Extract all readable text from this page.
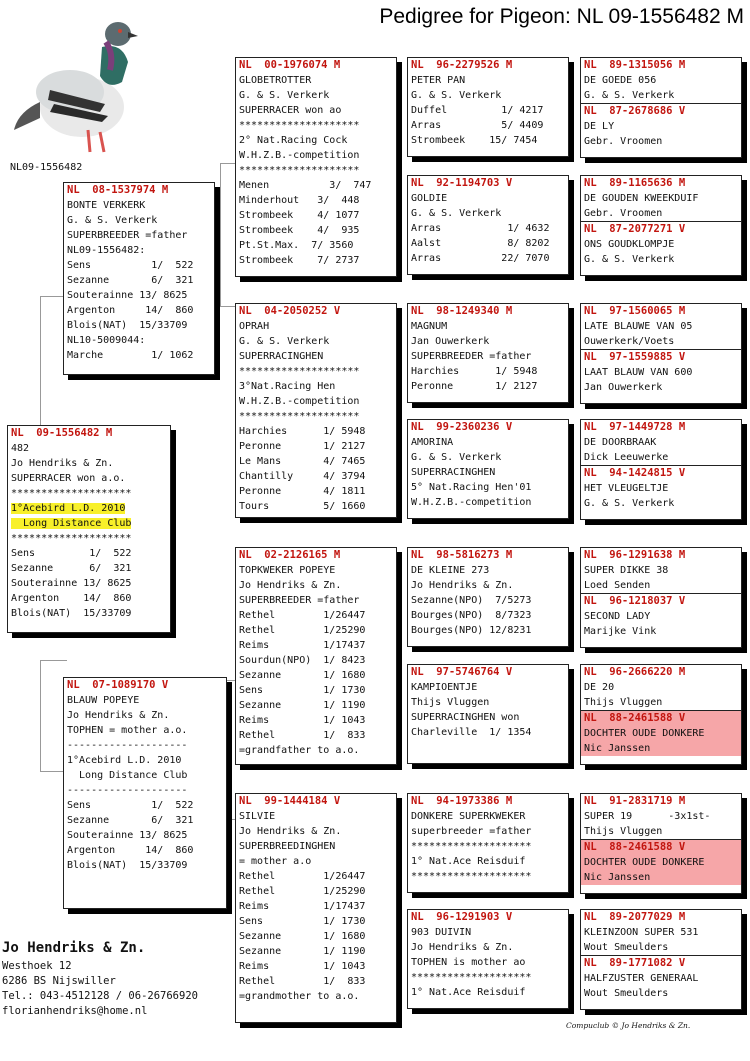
Pedigree for Pigeon: NL 09-1556482 M
NL09-1556482
NL  09-1556482 M
482
Jo Hendriks & Zn.
SUPERRACER won a.o.
********************
1°Acebird L.D. 2010
Long Distance Club
********************
Sens         1/  522
Sezanne      6/  321
Souterainne 13/ 8625
Argenton    14/  860
Blois(NAT)  15/33709
NL  08-1537974 M
BONTE VERKERK
G. & S. Verkerk
SUPERBREEDER =father
NL09-1556482:
Sens          1/  522
Sezanne       6/  321
Souterainne 13/ 8625
Argenton     14/  860
Blois(NAT)  15/33709
NL10-5009044:
Marche        1/ 1062
NL  07-1089170 V
BLAUW POPEYE
Jo Hendriks & Zn.
TOPHEN = mother a.o.
--------------------
1°Acebird L.D. 2010
Long Distance Club
--------------------
Sens          1/  522
Sezanne       6/  321
Souterainne 13/ 8625
Argenton     14/  860
Blois(NAT)  15/33709
NL  00-1976074 M
GLOBETROTTER
G. & S. Verkerk
SUPERRACER won ao
********************
2° Nat.Racing Cock
W.H.Z.B.-competition
********************
Menen          3/  747
Minderhout   3/  448
Strombeek    4/ 1077
Strombeek    4/  935
Pt.St.Max.  7/ 3560
Strombeek    7/ 2737
NL  04-2050252 V
OPRAH
G. & S. Verkerk
SUPERRACINGHEN
********************
3°Nat.Racing Hen
W.H.Z.B.-competition
********************
Harchies      1/ 5948
Peronne       1/ 2127
Le Mans       4/ 7465
Chantilly     4/ 3794
Peronne       4/ 1811
Tours         5/ 1660
NL  02-2126165 M
TOPKWEKER POPEYE
Jo Hendriks & Zn.
SUPERBREEDER =father
Rethel        1/26447
Rethel        1/25290
Reims         1/17437
Sourdun(NPO)  1/ 8423
Sezanne       1/ 1680
Sens          1/ 1730
Sezanne       1/ 1190
Reims         1/ 1043
Rethel        1/  833
=grandfather to a.o.
NL  99-1444184 V
SILVIE
Jo Hendriks & Zn.
SUPERBREEDINGHEN
= mother a.o
Rethel        1/26447
Rethel        1/25290
Reims         1/17437
Sens          1/ 1730
Sezanne       1/ 1680
Sezanne       1/ 1190
Reims         1/ 1043
Rethel        1/  833
=grandmother to a.o.
NL  96-2279526 M
PETER PAN
G. & S. Verkerk
Duffel         1/ 4217
Arras          5/ 4409
Strombeek    15/ 7454
NL  92-1194703 V
GOLDIE
G. & S. Verkerk
Arras           1/ 4632
Aalst           8/ 8202
Arras          22/ 7070
NL  98-1249340 M
MAGNUM
Jan Ouwerkerk
SUPERBREEDER =father
Harchies      1/ 5948
Peronne       1/ 2127
NL  99-2360236 V
AMORINA
G. & S. Verkerk
SUPERRACINGHEN
5° Nat.Racing Hen'01
W.H.Z.B.-competition
NL  98-5816273 M
DE KLEINE 273
Jo Hendriks & Zn.
Sezanne(NPO)  7/5273
Bourges(NPO)  8/7323
Bourges(NPO) 12/8231
NL  97-5746764 V
KAMPIOENTJE
Thijs Vluggen
SUPERRACINGHEN won
Charleville  1/ 1354
NL  94-1973386 M
DONKERE SUPERKWEKER
superbreeder =father
********************
1° Nat.Ace Reisduif
********************
NL  96-1291903 V
903 DUIVIN
Jo Hendriks & Zn.
TOPHEN is mother ao
********************
1° Nat.Ace Reisduif
NL  89-1315056 M
DE GOEDE 056
G. & S. Verkerk
NL  87-2678686 V
DE LY
Gebr. Vroomen
NL  89-1165636 M
DE GOUDEN KWEEKDUIF
Gebr. Vroomen
NL  87-2077271 V
ONS GOUDKLOMPJE
G. & S. Verkerk
NL  97-1560065 M
LATE BLAUWE VAN 05
Ouwerkerk/Voets
NL  97-1559885 V
LAAT BLAUW VAN 600
Jan Ouwerkerk
NL  97-1449728 M
DE DOORBRAAK
Dick Leeuwerke
NL  94-1424815 V
HET VLEUGELTJE
G. & S. Verkerk
NL  96-1291638 M
SUPER DIKKE 38
Loed Senden
NL  96-1218037 V
SECOND LADY
Marijke Vink
NL  96-2666220 M
DE 20
Thijs Vluggen
NL  88-2461588 V
DOCHTER OUDE DONKERE
Nic Janssen
NL  91-2831719 M
SUPER 19      -3x1st-
Thijs Vluggen
NL  88-2461588 V
DOCHTER OUDE DONKERE
Nic Janssen
NL  89-2077029 M
KLEINZOON SUPER 531
Wout Smeulders
NL  89-1771082 V
HALFZUSTER GENERAAL
Wout Smeulders
Jo Hendriks & Zn.
Westhoek 12
6286 BS Nijswiller
Tel.: 043-4512128 / 06-26766920
florianhendriks@home.nl
Compuclub © Jo Hendriks & Zn.
